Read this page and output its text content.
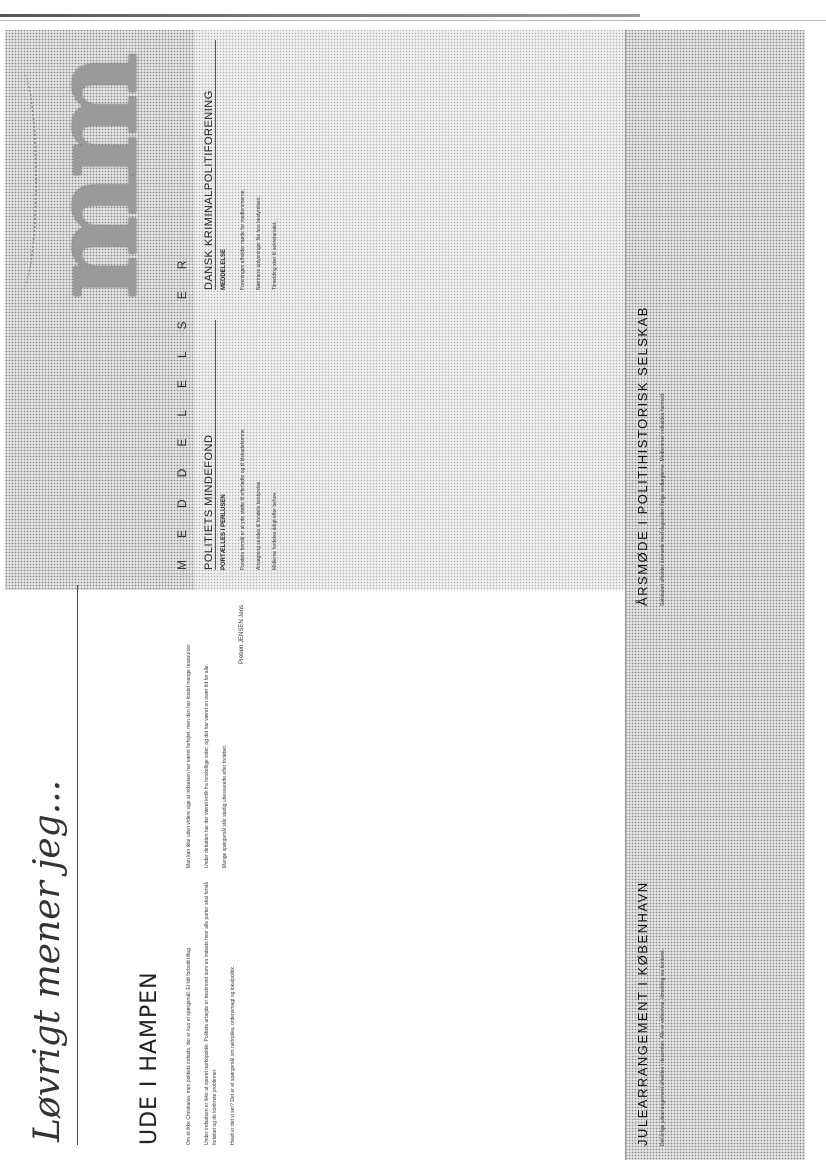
POLITIETS MINDEFOND PORTÆLLES I PERLUSEN	Fondets formål er at yde støtte til efterladte og til tilskadekomne. Ansøgning sendes til fondets bestyrelse. Midlerne fordeles årligt efter behov.

DANSK KRIMINALPOLITIFORENING MEDDELELSE	Foreningen afholder møde for medlemmerne. Nærmere oplysninger fås hos bestyrelsen. Tilmelding sker til sekretariatet.

mm
MEDDELELSER
Løvrigt mener jeg...	UDE I HAMPEN	Om et ikke Christiania, men politiets indsats, der er kun et spørgsmål. Et lidt forbudt tiltag. Under indsatsen er ikke at sporet narkopolitik. Politiets arbejde er beskrevet som en indsats hvor alle parter skal forstå forløbet og de konkrete problemer. Hvad er det vi ser? Det er et spørgsmål om narkotika, ordensmagt og lokalpolitik.

Man kan ikke uden videre sige at indsatsen har været forfejlet, men den har kostet mange ressourcer. Under debatten har der været kritik fra forskellige sider, og det har været en svær tid for alle. Mange spørgsmål står stadig ubesvarede efter forløbet.

Preben JENSEN Jens
JULEARRANGEMENT I KØBENHAVN Det årlige julearrangement afholdes i december. Alle er velkomne, tilmelding via kontoret.

ÅRSMØDE I POLITIHISTORISK SELSKAB Selskabet afholder årsmøde med dagsorden ifølge vedtægterne. Medlemmer indkaldes hermed.
